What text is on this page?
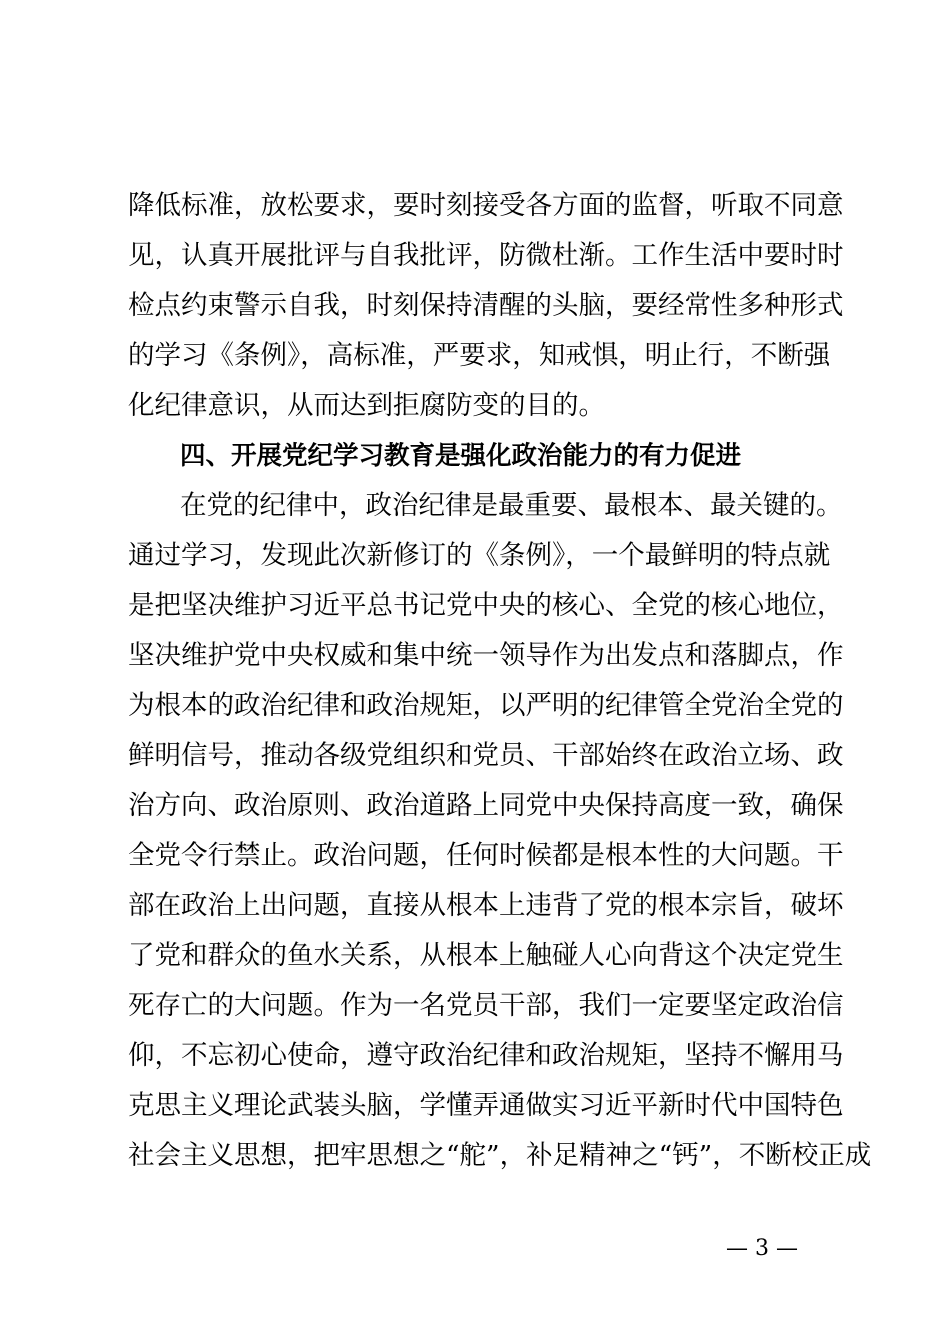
降低标准，放松要求，要时刻接受各方面的监督，听取不同意
见，认真开展批评与自我批评，防微杜渐。工作生活中要时时
检点约束警示自我，时刻保持清醒的头脑，要经常性多种形式
的学习《条例》，高标准，严要求，知戒惧，明止行，不断强
化纪律意识，从而达到拒腐防变的目的。
四、开展党纪学习教育是强化政治能力的有力促进
在党的纪律中，政治纪律是最重要、最根本、最关键的。
通过学习，发现此次新修订的《条例》，一个最鲜明的特点就
是把坚决维护习近平总书记党中央的核心、全党的核心地位，
坚决维护党中央权威和集中统一领导作为出发点和落脚点，作
为根本的政治纪律和政治规矩，以严明的纪律管全党治全党的
鲜明信号，推动各级党组织和党员、干部始终在政治立场、政
治方向、政治原则、政治道路上同党中央保持高度一致，确保
全党令行禁止。政治问题，任何时候都是根本性的大问题。干
部在政治上出问题，直接从根本上违背了党的根本宗旨，破坏
了党和群众的鱼水关系，从根本上触碰人心向背这个决定党生
死存亡的大问题。作为一名党员干部，我们一定要坚定政治信
仰，不忘初心使命，遵守政治纪律和政治规矩，坚持不懈用马
克思主义理论武装头脑，学懂弄通做实习近平新时代中国特色
社会主义思想，把牢思想之“舵”，补足精神之“钙”，不断校正成
— 3 —
